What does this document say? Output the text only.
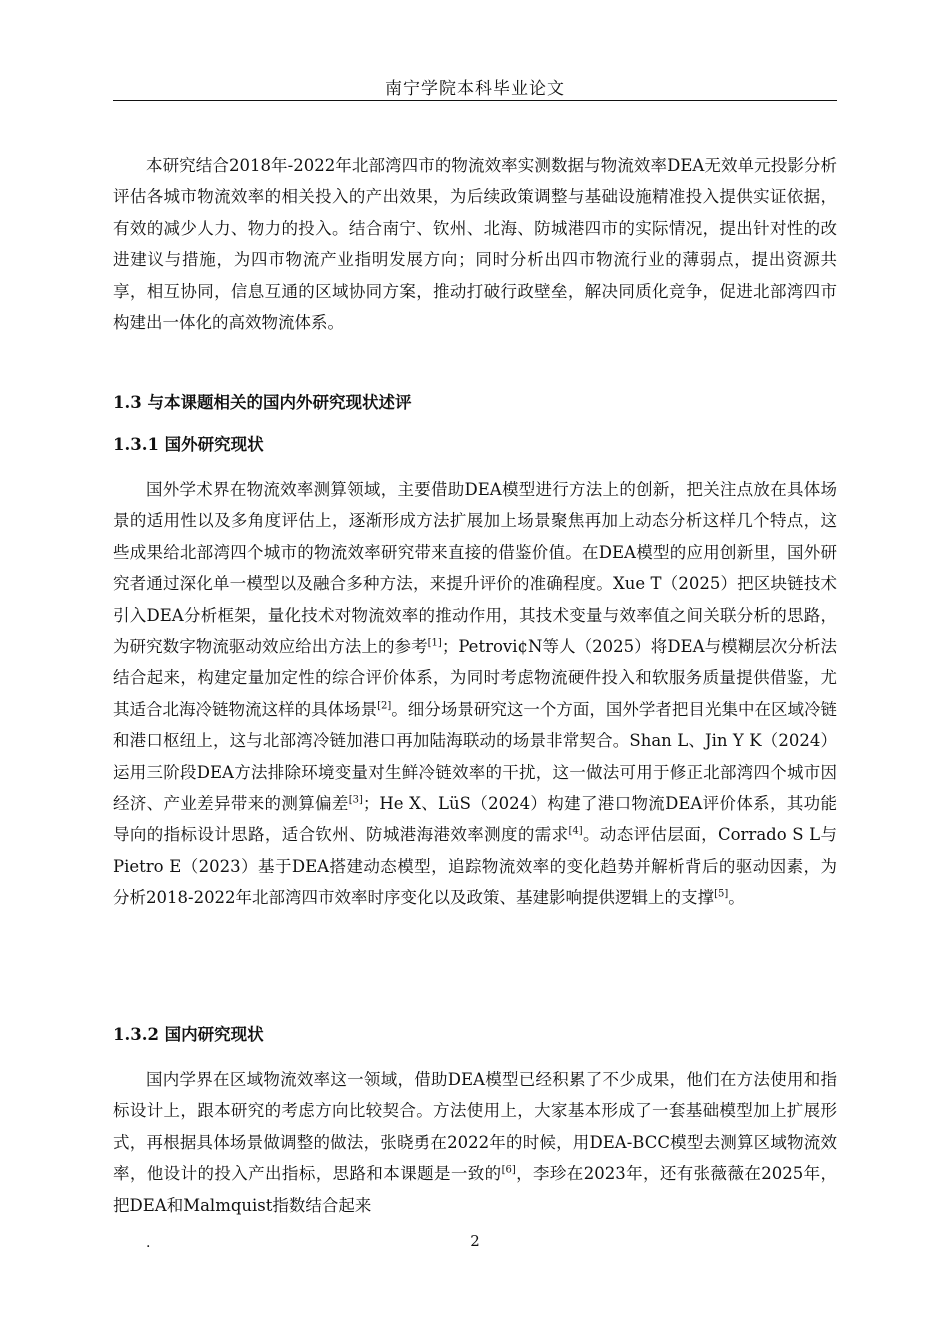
南宁学院本科毕业论文

本研究结合2018年-2022年北部湾四市的物流效率实测数据与物流效率DEA无效单元投影分析评估各城市物流效率的相关投入的产出效果，为后续政策调整与基础设施精准投入提供实证依据，有效的减少人力、物力的投入。结合南宁、钦州、北海、防城港四市的实际情况，提出针对性的改进建议与措施，为四市物流产业指明发展方向；同时分析出四市物流行业的薄弱点，提出资源共享，相互协同，信息互通的区域协同方案，推动打破行政壁垒，解决同质化竞争，促进北部湾四市构建出一体化的高效物流体系。

1.3 与本课题相关的国内外研究现状述评
1.3.1 国外研究现状

国外学术界在物流效率测算领域，主要借助DEA模型进行方法上的创新，把关注点放在具体场景的适用性以及多角度评估上，逐渐形成方法扩展加上场景聚焦再加上动态分析这样几个特点，这些成果给北部湾四个城市的物流效率研究带来直接的借鉴价值。在DEA模型的应用创新里，国外研究者通过深化单一模型以及融合多种方法，来提升评价的准确程度。Xue T（2025）把区块链技术引入DEA分析框架，量化技术对物流效率的推动作用，其技术变量与效率值之间关联分析的思路，为研究数字物流驱动效应给出方法上的参考[1]；Petrovi¢N等人（2025）将DEA与模糊层次分析法结合起来，构建定量加定性的综合评价体系，为同时考虑物流硬件投入和软服务质量提供借鉴，尤其适合北海冷链物流这样的具体场景[2]。细分场景研究这一个方面，国外学者把目光集中在区域冷链和港口枢纽上，这与北部湾冷链加港口再加陆海联动的场景非常契合。Shan L、Jin Y K（2024）运用三阶段DEA方法排除环境变量对生鲜冷链效率的干扰，这一做法可用于修正北部湾四个城市因经济、产业差异带来的测算偏差[3]；He X、LüS（2024）构建了港口物流DEA评价体系，其功能导向的指标设计思路，适合钦州、防城港海港效率测度的需求[4]。动态评估层面，Corrado S L与Pietro E（2023）基于DEA搭建动态模型，追踪物流效率的变化趋势并解析背后的驱动因素，为分析2018-2022年北部湾四市效率时序变化以及政策、基建影响提供逻辑上的支撑[5]。

1.3.2 国内研究现状

国内学界在区域物流效率这一领域，借助DEA模型已经积累了不少成果，他们在方法使用和指标设计上，跟本研究的考虑方向比较契合。方法使用上，大家基本形成了一套基础模型加上扩展形式，再根据具体场景做调整的做法，张晓勇在2022年的时候，用DEA-BCC模型去测算区域物流效率，他设计的投入产出指标，思路和本课题是一致的[6]，李珍在2023年，还有张薇薇在2025年，把DEA和Malmquist指数结合起来

.	2
